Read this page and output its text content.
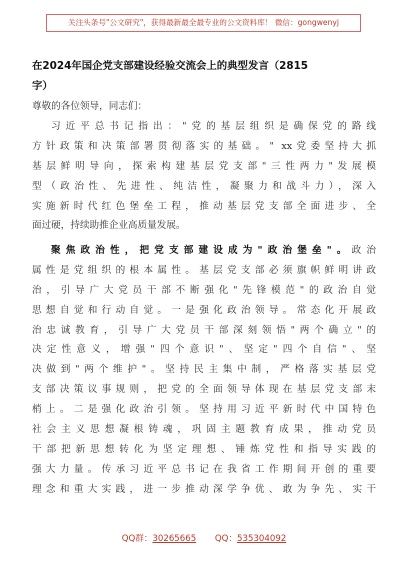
关注头条号"公文研究"，获得最新最全最专业的公文资料库！ 微信：gongwenyj
在2024年国企党支部建设经验交流会上的典型发言（2815
字）
尊敬的各位领导，同志们：

习近平总书记指出："党的基层组织是确保党的路线

方针政策和决策部署贯彻落实的基础。" xx党委坚持大抓

基层鲜明导向，探索构建基层党支部"三性两力"发展模

型（政治性、先进性、纯洁性，凝聚力和战斗力），深入

实施新时代红色堡垒工程，推动基层党支部全面进步、全

面过硬，持续助推企业高质量发展。

聚焦政治性，把党支部建设成为"政治堡垒"。政治

属性是党组织的根本属性。基层党支部必须旗帜鲜明讲政

治，引导广大党员干部不断强化"先锋模范"的政治自觉

思想自觉和行动自觉。一是强化政治领导。常态化开展政

治忠诚教育，引导广大党员干部深刻领悟"两个确立"的

决定性意义，增强"四个意识"、坚定"四个自信"、坚

决做到"两个维护"。坚持民主集中制，严格落实基层党

支部决策议事规则，把党的全面领导体现在基层党支部末

梢上。二是强化政治引领。坚持用习近平新时代中国特色

社会主义思想凝根铸魂，巩固主题教育成果，推动党员

干部把新思想转化为坚定理想、锤炼党性和指导实践的

强大力量。传承习近平总书记在我省工作期间开创的重要

理念和重大实践，进一步推动深学争优、敢为争先、实干

QQ群：30265665 QQ：535304092
